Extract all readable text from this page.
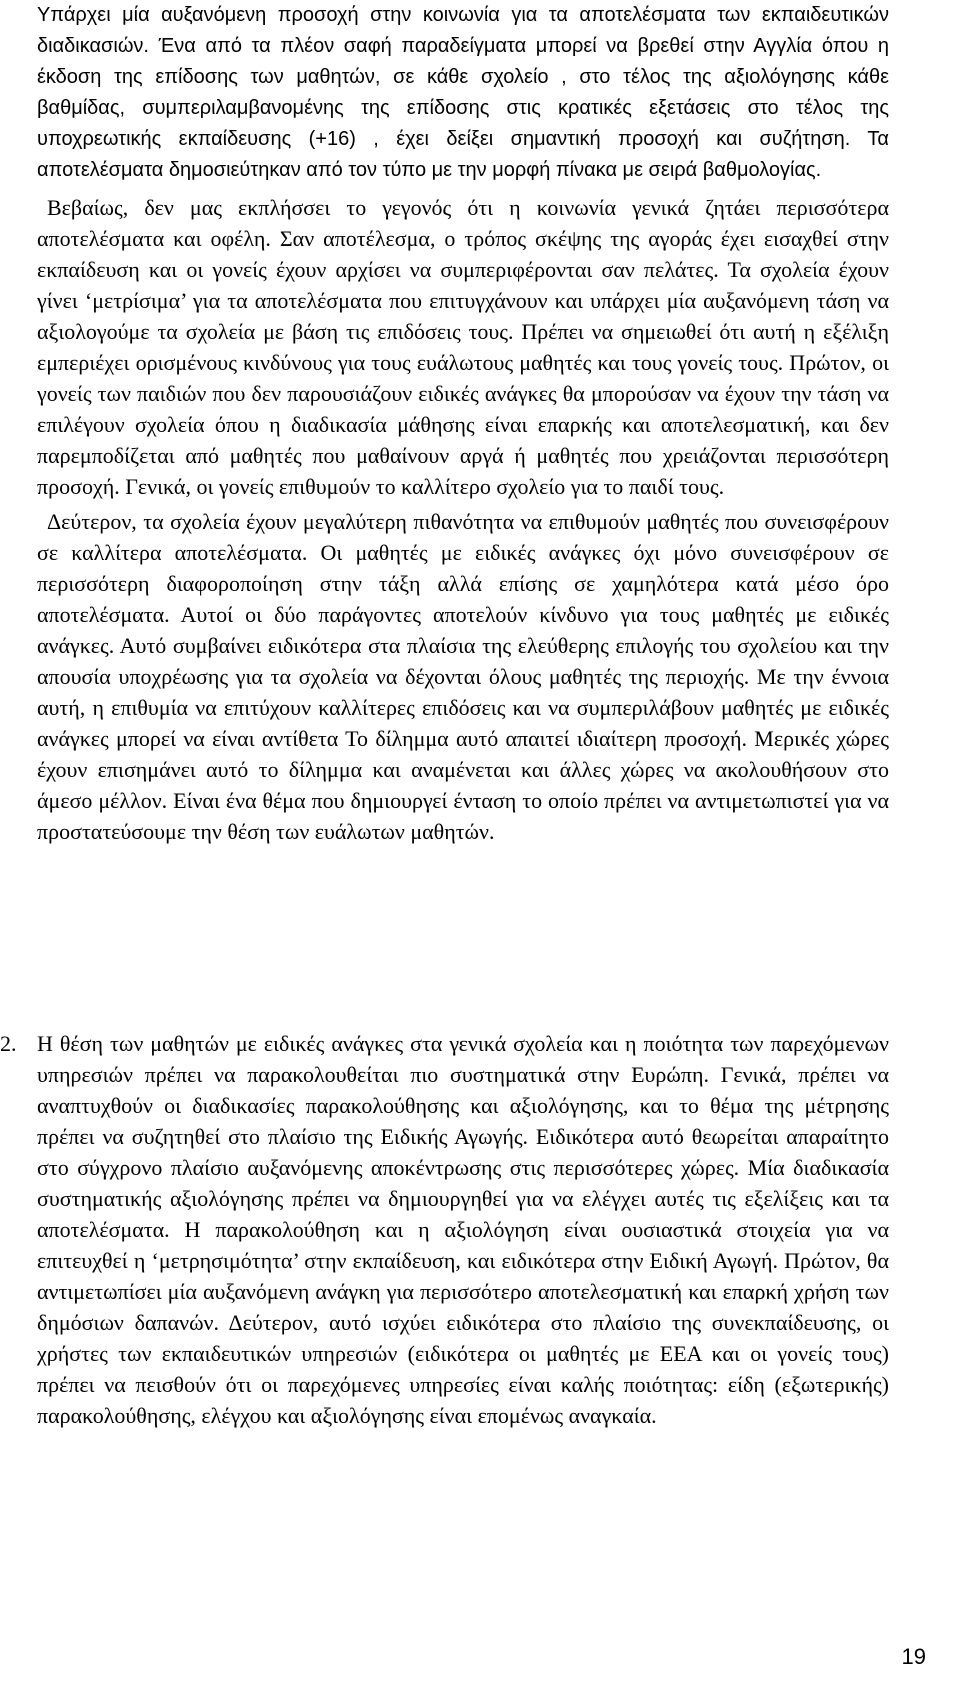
Υπάρχει μία αυξανόμενη προσοχή στην κοινωνία για τα αποτελέσματα των εκπαιδευτικών διαδικασιών. Ένα από τα πλέον σαφή παραδείγματα μπορεί να βρεθεί στην Αγγλία όπου η έκδοση της επίδοσης των μαθητών, σε κάθε σχολείο , στο τέλος της αξιολόγησης κάθε βαθμίδας, συμπεριλαμβανομένης της επίδοσης στις κρατικές εξετάσεις στο τέλος της υποχρεωτικής εκπαίδευσης (+16) , έχει δείξει σημαντική προσοχή και συζήτηση. Τα αποτελέσματα δημοσιεύτηκαν από τον τύπο με την μορφή πίνακα με σειρά βαθμολογίας.

Βεβαίως, δεν μας εκπλήσσει το γεγονός ότι η κοινωνία γενικά ζητάει περισσότερα αποτελέσματα και οφέλη. Σαν αποτέλεσμα, ο τρόπος σκέψης της αγοράς έχει εισαχθεί στην εκπαίδευση και οι γονείς έχουν αρχίσει να συμπεριφέρονται σαν πελάτες. Τα σχολεία έχουν γίνει ‘μετρίσιμα’ για τα αποτελέσματα που επιτυγχάνουν και υπάρχει μία αυξανόμενη τάση να αξιολογούμε τα σχολεία με βάση τις επιδόσεις τους. Πρέπει να σημειωθεί ότι αυτή η εξέλιξη εμπεριέχει ορισμένους κινδύνους για τους ευάλωτους μαθητές και τους γονείς τους. Πρώτον, οι γονείς των παιδιών που δεν παρουσιάζουν ειδικές ανάγκες θα μπορούσαν να έχουν την τάση να επιλέγουν σχολεία όπου η διαδικασία μάθησης είναι επαρκής και αποτελεσματική, και δεν παρεμποδίζεται από μαθητές που μαθαίνουν αργά ή μαθητές που χρειάζονται περισσότερη προσοχή. Γενικά, οι γονείς επιθυμούν το καλλίτερο σχολείο για το παιδί τους.

Δεύτερον, τα σχολεία έχουν μεγαλύτερη πιθανότητα να επιθυμούν μαθητές που συνεισφέρουν σε καλλίτερα αποτελέσματα. Οι μαθητές με ειδικές ανάγκες όχι μόνο συνεισφέρουν σε περισσότερη διαφοροποίηση στην τάξη αλλά επίσης σε χαμηλότερα κατά μέσο όρο αποτελέσματα. Αυτοί οι δύο παράγοντες αποτελούν κίνδυνο για τους μαθητές με ειδικές ανάγκες. Αυτό συμβαίνει ειδικότερα στα πλαίσια της ελεύθερης επιλογής του σχολείου και την απουσία υποχρέωσης για τα σχολεία να δέχονται όλους μαθητές της περιοχής. Με την έννοια αυτή, η επιθυμία να επιτύχουν καλλίτερες επιδόσεις και να συμπεριλάβουν μαθητές με ειδικές ανάγκες μπορεί να είναι αντίθετα Το δίλημμα αυτό απαιτεί ιδιαίτερη προσοχή. Μερικές χώρες έχουν επισημάνει αυτό το δίλημμα και αναμένεται και άλλες χώρες να ακολουθήσουν στο άμεσο μέλλον. Είναι ένα θέμα που δημιουργεί ένταση το οποίο πρέπει να αντιμετωπιστεί για να προστατεύσουμε την θέση των ευάλωτων μαθητών.

2. Η θέση των μαθητών με ειδικές ανάγκες στα γενικά σχολεία και η ποιότητα των παρεχόμενων υπηρεσιών πρέπει να παρακολουθείται πιο συστηματικά στην Ευρώπη. Γενικά, πρέπει να αναπτυχθούν οι διαδικασίες παρακολούθησης και αξιολόγησης, και το θέμα της μέτρησης πρέπει να συζητηθεί στο πλαίσιο της Ειδικής Αγωγής. Ειδικότερα αυτό θεωρείται απαραίτητο στο σύγχρονο πλαίσιο αυξανόμενης αποκέντρωσης στις περισσότερες χώρες. Μία διαδικασία συστηματικής αξιολόγησης πρέπει να δημιουργηθεί για να ελέγχει αυτές τις εξελίξεις και τα αποτελέσματα. Η παρακολούθηση και η αξιολόγηση είναι ουσιαστικά στοιχεία για να επιτευχθεί η ‘μετρησιμότητα’ στην εκπαίδευση, και ειδικότερα στην Ειδική Αγωγή. Πρώτον, θα αντιμετωπίσει μία αυξανόμενη ανάγκη για περισσότερο αποτελεσματική και επαρκή χρήση των δημόσιων δαπανών. Δεύτερον, αυτό ισχύει ειδικότερα στο πλαίσιο της συνεκπαίδευσης, οι χρήστες των εκπαιδευτικών υπηρεσιών (ειδικότερα οι μαθητές με ΕΕΑ και οι γονείς τους) πρέπει να πεισθούν ότι οι παρεχόμενες υπηρεσίες είναι καλής ποιότητας: είδη (εξωτερικής) παρακολούθησης, ελέγχου και αξιολόγησης είναι επομένως αναγκαία.

19
